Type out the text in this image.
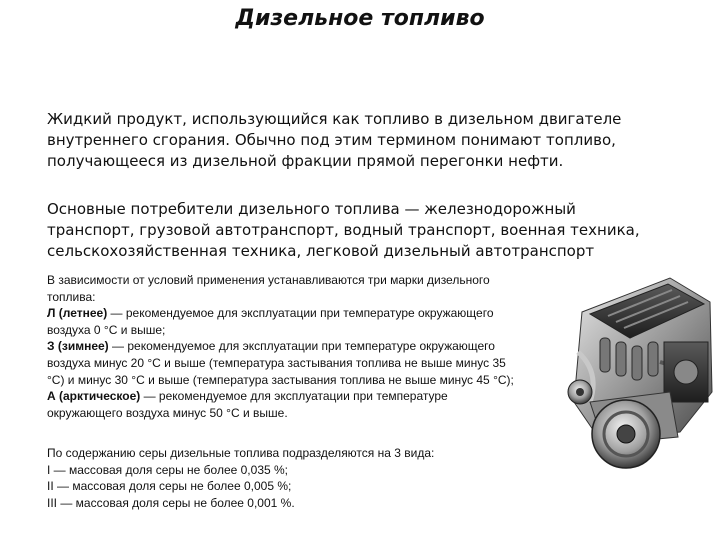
Дизельное топливо
Жидкий продукт, использующийся как топливо в дизельном двигателе
внутреннего сгорания. Обычно под этим термином понимают топливо,
получающееся из дизельной фракции прямой перегонки нефти.
Основные потребители дизельного топлива — железнодорожный
транспорт, грузовой автотранспорт, водный транспорт, военная техника,
сельскохозяйственная техника, легковой дизельный автотранспорт
В зависимости от условий применения устанавливаются три марки дизельного
топлива:
Л (летнее) — рекомендуемое для эксплуатации при температуре окружающего
воздуха 0 °С и выше;
З (зимнее) — рекомендуемое для эксплуатации при температуре окружающего
воздуха минус 20 °С и выше (температура застывания топлива не выше минус 35
°С) и минус 30 °С и выше (температура застывания топлива не выше минус 45 °С);
А (арктическое) — рекомендуемое для эксплуатации при температуре
окружающего воздуха минус 50 °С и выше.
По содержанию серы дизельные топлива подразделяются на 3 вида:
I — массовая доля серы не более 0,035 %;
II — массовая доля серы не более 0,005 %;
III — массовая доля серы не более 0,001 %.
